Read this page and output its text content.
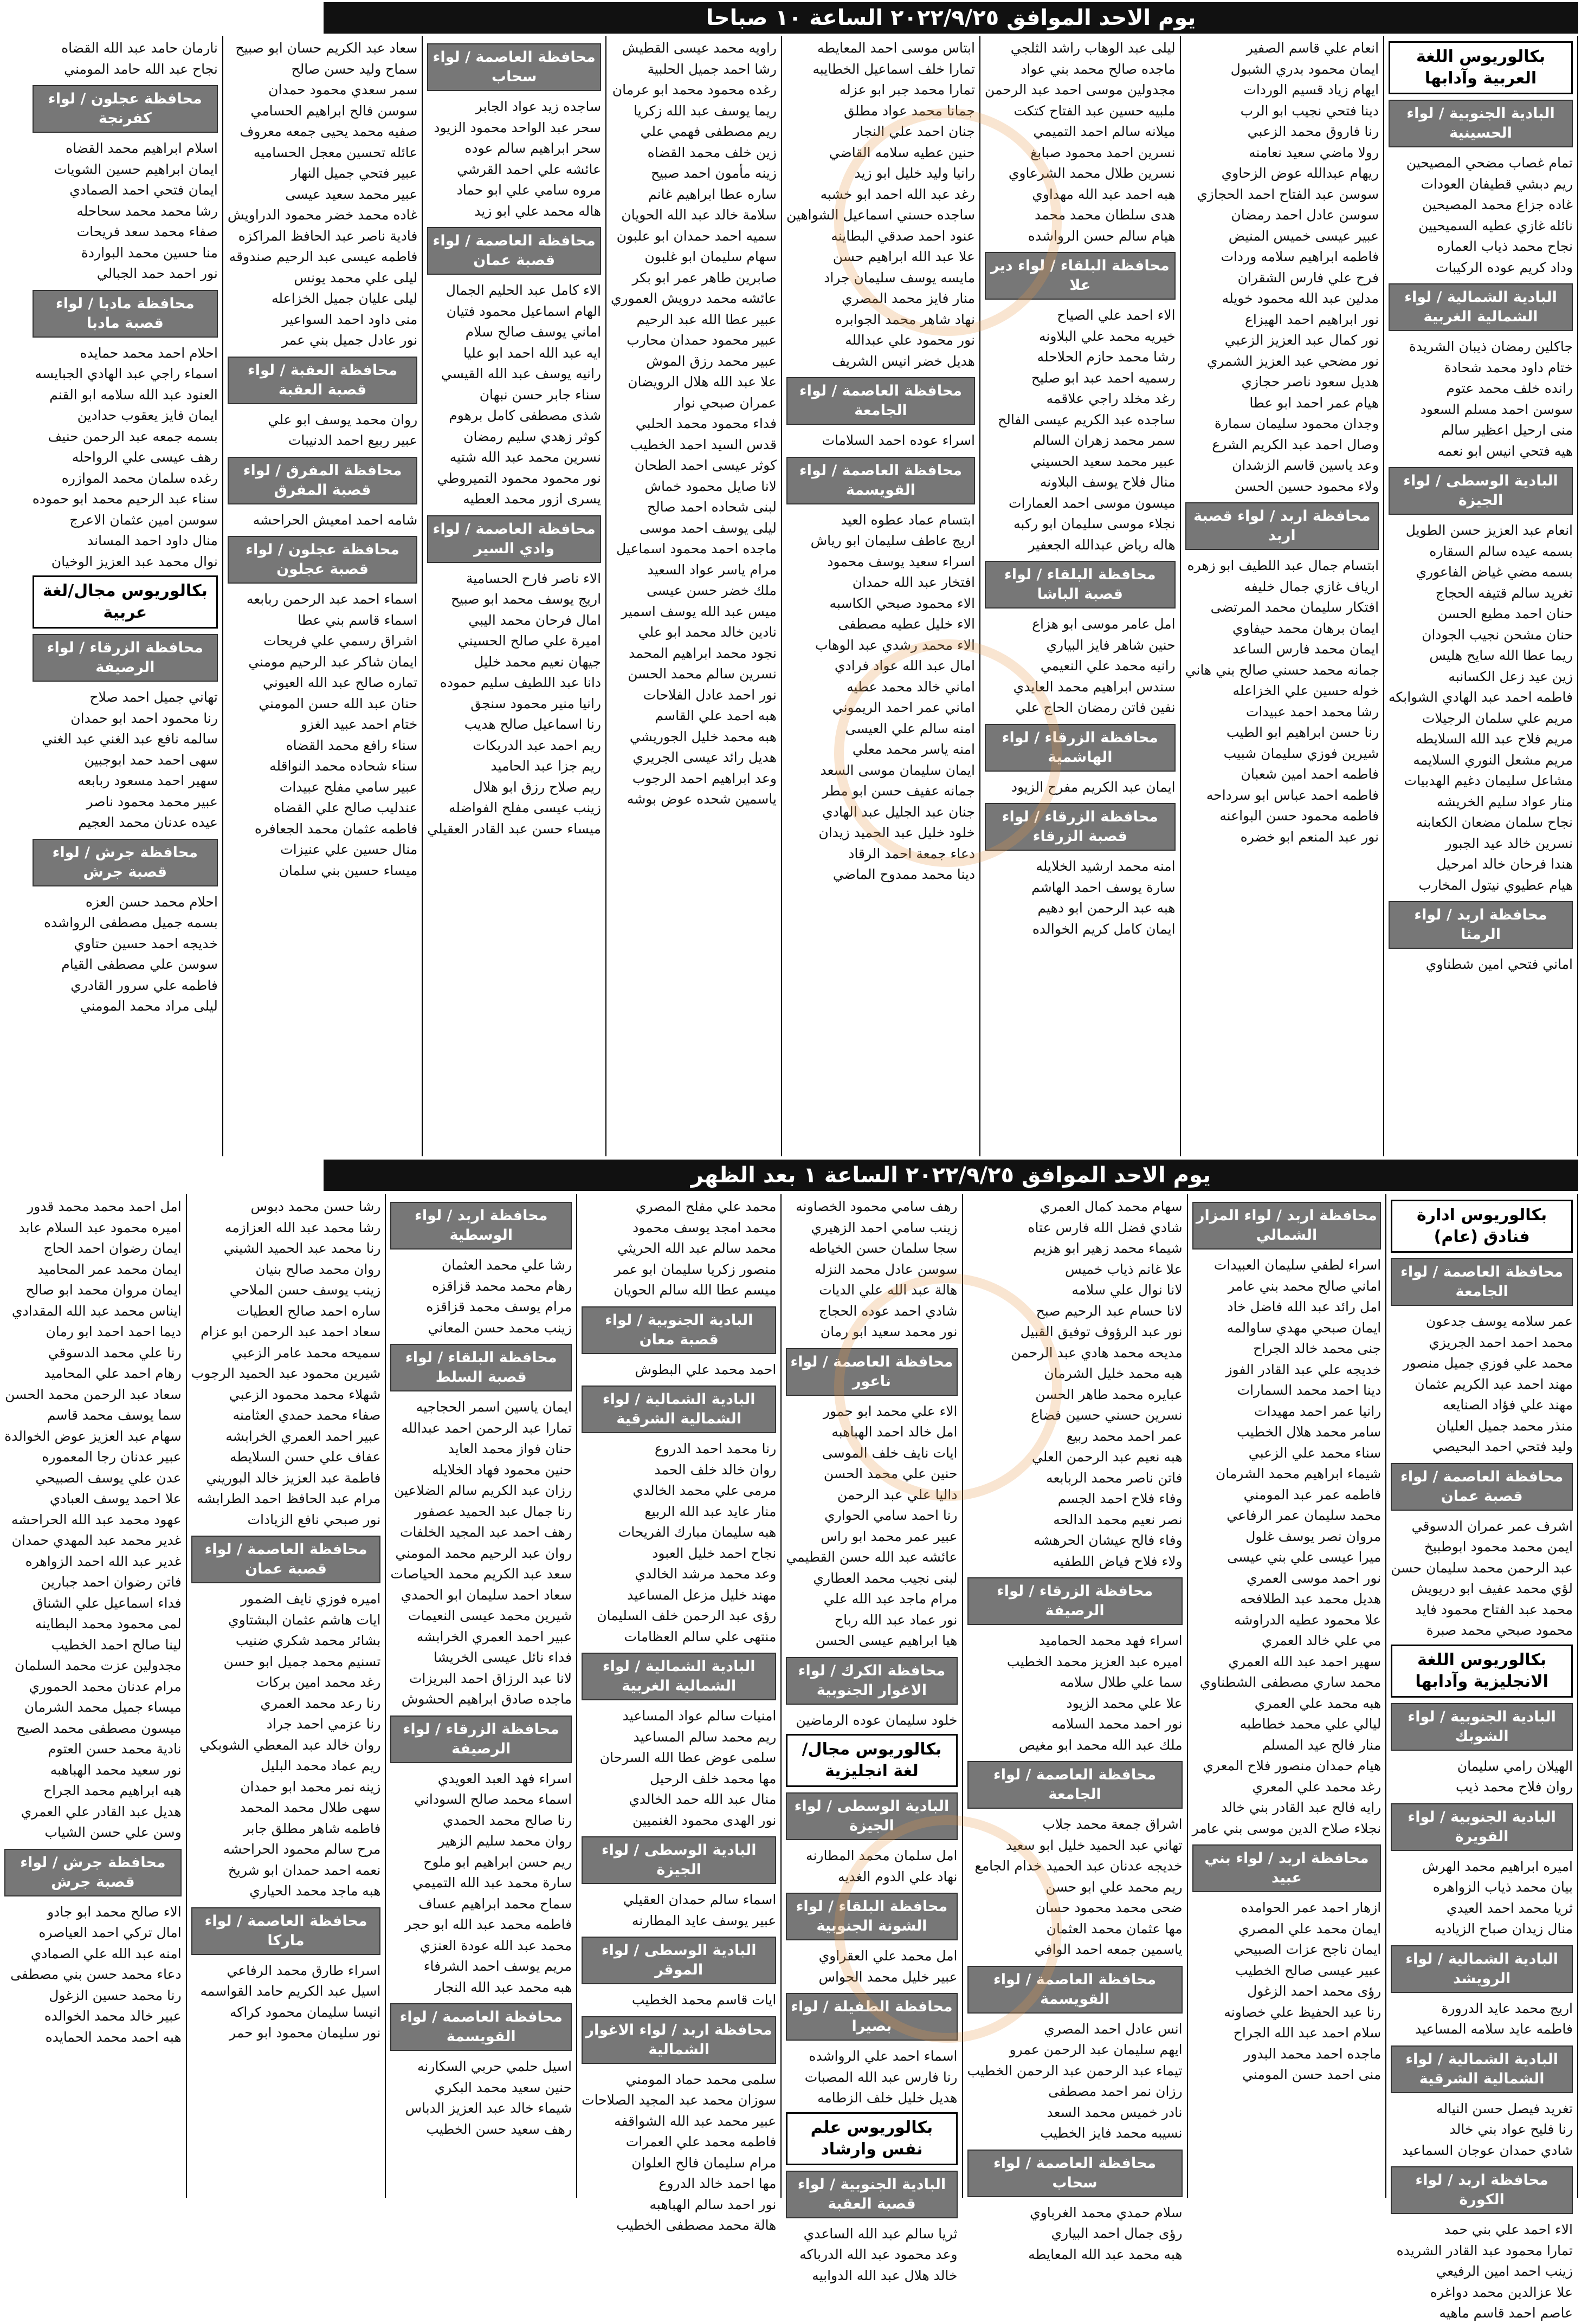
يوم الاحد الموافق ٢٠٢٢/٩/٢٥ الساعة ١٠ صباحا
بكالوريوس اللغة العربية وآدابها
البادية الجنوبية / لواء الحسينية
تمام غصاب مضحي المصيحين
ريم دبشي قطيفان العودات
غاده جزاع محمد المصيحين
نائله غازي عطيه السميحيين
نجاح محمد ذياب العماره
وداد كريم عوده الركيبات
البادية الشمالية / لواء الشمالية الغربية
جاكلين رمضان ذيبان الشريدة
ختام داود محمد شحادة
رانده خلف محمد عتوم
سوسن احمد مسلم السعود
منى ارحيل اعظير سالم
هيه فتحي انيس ابو نعمه
البادية الوسطى / لواء الجيزة
انعام عبد العزيز حسن الطويل
بسمه عيده سالم السقاره
بسمه مضي غياض الفاعوري
تغريد سالم قتيفه الحجاج
حنان احمد مطيع الحسن
حنان مشحن نجيب الجودان
ريما عطا الله سايح هليس
زين عيد زعل الكسانبه
فاطمه احمد عبد الهادي الشوابكه
مريم علي سلمان الرجيلات
مريم فلاح عبد الله السلايطه
مريم مشعل النوري السلايمه
مشاعل سليمان دغيم الهدبيات
منار عواد سليم الخريشه
نجاح سلمان مضعان الكعابنه
نسرين خالد عيد الجبور
هندا فرحان خالد امرحيل
هيام عطيوي نيتول المخارب
محافظة اربد / لواء الرمثا
اماني فتحي امين شطناوي
انعام علي قاسم الصفير
ايمان محمود بدري الشبول
ايهام زياد قسيم الوردات
دينا فتحي نجيب ابو الرب
رنا فاروق محمد الزعبي
رولا ماضي سعيد نعامنه
ريهام عبدالله عوض الزحاوي
سوسن عبد الفتاح احمد الحجازي
سوسن عادل احمد رمضان
عبير عيسى خميس المنيض
فاطمه ابراهيم سلامه وردات
فرح علي فارس الشقران
مدلين عبد الله محمود خويله
نور ابراهيم احمد الهيزاع
نور كمال عبد العزيز الزعبي
نور مضحي عبد العزيز الشمري
هديل سعود ناصر حجازي
هيام عمر احمد ابو عطا
وجدان محمود سليمان سمارة
وصال احمد عبد الكريم الشرع
وعد ياسين قاسم الزشدان
ولاء محمود حسين الحسن
محافظة اربد / لواء قصبة اربد
ابتسام جمال عبد اللطيف ابو زهره
ارياف غازي جمال خليفه
افتكار سليمان محمد المرتضى
ايمان برهان محمد حيفاوي
ايمان محمد فارس الساعد
جمانه محمد حسني صالح بني هاني
خوله حسين علي الخزاعله
رشا محمد احمد عبيدات
رنا حسن ابراهيم ابو الطيب
شيرين فوزي سليمان شبيب
فاطمه احمد امين شعبان
فاطمه احمد عباس ابو سرداحه
فاطمه محمود حسن البواعنه
نور عبد المنعم ابو خضره
ليلى عبد الوهاب راشد الثلجي
ماجده صالح محمد بني عواد
مجدولين موسى احمد عبد الرحمن
ملبيه حسين عبد الفتاح كتكت
ميلانه سالم احمد التميمي
نسرين احمد محمود صبابغ
نسرين طلال محمد الشرعاوي
هبه احمد عبد الله مهداوي
هدى سلطان محمد محمد
هيام سالم حسن الرواشده
محافظة البلقاء / لواء دير علا
الاء احمد علي الصياح
خيريه محمد علي البلاونه
رشا محمد حازم الحلاحله
رسميه احمد عبد ابو صليح
رغد مخلد راجي علاقمه
ساجده عبد الكريم عيسى الفالح
سمر محمد زهران السالم
عبير محمد سعيد الحسيني
منال فلاح يوسف البلاونه
ميسون موسى احمد العمارات
نجلاء موسى سليمان ابو ركبه
هاله رياض عبدالله الجعفير
محافظة البلقاء / لواء قصبة الباشا
امل عامر موسى ابو هزاع
حنين شاهر فايز البياري
رانيه محمد علي النعيمي
سندس ابراهيم محمد العايدي
نفين فاتن رمضان الحاج علي
محافظة الزرقاء / لواء الهاشمية
ايمان عبد الكريم مفرح الزيود
محافظة الزرقاء / لواء قصبة الزرقاء
امنه محمد ارشيد الخلايله
سارة يوسف احمد الهاشم
هبه عبد الرحمن ابو دهيم
ايمان كامل كريم الخوالده
ابتاس موسى احمد المعايطه
تمارا خلف اسماعيل الخطايبه
تمارا محمد جبر ابو عزله
جمانا محمد عواد مطلق
جنان احمد علي النجار
حنين عطيه سلامه القاضي
رانيا وليد خليل ابو زيد
رغد عبد الله احمد ابو خشبه
ساجده حسني اسماعيل الشواهين
عنود احمد صدقي البطاينه
علا عبد الله ابراهيم حسن
مايسه يوسف سليمان جراد
منار فايز محمد المصري
نهاد شاهر محمد الجوابره
نور محمود علي عبدالله
هديل خضر انيس الشريف
محافظة العاصمة / لواء الجامعة
اسراء عوده احمد السلامات
محافظة العاصمة / لواء القويسمة
ابتسام عماد عطوه العيد
اريج عاطف سليمان ابو رياش
اسراء سعيد يوسف محمود
افتخار عبد الله حمدان
الاء محمود صبحي الكاسبه
الاء خليل عطيه مصطفى
الاء محمد رشدي عبد الوهاب
امال عبد الله عواد فرادي
اماني خالد محمد عطيه
اماني عمر احمد الريموني
امنه سالم علي العيسى
امنه ياسر محمد معلي
ايمان سليمان موسى السعد
جمانه عفيف حسن ابو مطر
جنان عبد الجليل عبد الهادي
خلود خليل عبد الحميد زيدان
دعاء جمعة احمد الرقاد
دينا محمد ممدوح الماضي
راويه محمد عيسى القطيش
رشا احمد جميل الحلبية
رغده محمود محمد ابو عرمان
ريما يوسف عبد الله زكريا
ريم مصطفى فهمي علي
زين خلف محمد القضاه
زينه مأمون احمد صبيح
ساره عطا ابراهيم غانم
سلامة خالد عبد الله الحويان
سميه احمد حمدان ابو علبون
سهام سليمان ابو غلبون
صابرين طاهر عمر ابو بكر
عائشه محمد درويش العموري
عبير عطا الله عبد الرحيم
عبير محمود حمدان محارب
عبير محمد رزق الموش
علا عبد الله هلال الرويضان
عمران صبحي نوار
فداء محمود محمد الحلبي
قدس السيد احمد الخطيب
كوثر عيسى احمد الطحان
لانا صايل محمود خماش
لبنى شحاده احمد صالح
ليلى يوسف احمد موسى
ماجده احمد محمود اسماعيل
مرام ياسر عواد السعيد
ملك خضر حسن عيسى
ميس عبد الله يوسف اسمير
نادين خالد محمد ابو علي
نجود محمد ابراهيم المحمد
نسرين سالم محمد الحسن
نور احمد عادل الفلاحات
هبه احمد علي القاسم
هبه محمد خليل الجوريشي
هديل رائد عيسى الجريري
وعد ابراهيم احمد الرجوب
ياسمين شحده عوض بوشه
محافظة العاصمة / لواء سحاب
ساجده زيد عواد الجابر
سحر عبد الواحد محمود الزيود
سحر ابراهيم سالم عوده
عائشه علي احمد القرشي
مروه سامي علي ابو حماد
هاله محمد علي ابو زيد
محافظة العاصمة / لواء قصبة عمان
الاء كامل عبد الحليم الجمال
الهام اسماعيل محمود فتيان
اماني يوسف صالح سلام
ايه عبد الله احمد ابو عليا
رانيه يوسف عبد الله القيسي
سناء جابر حسن نبهان
شذى مصطفى كامل برهوم
كوثر زهدي سليم رمضان
نسرين محمد عبد الله شتيه
نور محمود محمود التميروطي
يسرى ازور محمد العطيه
محافظة العاصمة / لواء وادي السير
الاء ناصر فارح الحسامية
اريج يوسف محمد ابو صبيح
امال فرحان محمد اليبي
اميرة علي صالح الحسيني
جيهان نعيم محمد خليل
دانا عبد اللطيف سليم حموده
رانيا منير محمود سنجق
رنا اسماعيل صالح هديب
ريم احمد عبد الدربكات
ريم جزا عبد الحاميد
ريم صلاح رزق ابو هلال
زينب عيسى مفلح الفواضله
ميساء حسن عبد القادر العقيلي
سعاد عبد الكريم حسان ابو صبيح
سماح وليد حسن صالح
سمر سعدي محمود حمدان
سوسن فالح ابراهيم الحسامي
صفيه محمد يحيى جمعه معروف
عائله تحسين معجل الحساميه
عبير فتحي جميل النهار
عبير محمد سعيد عيسى
غاده محمد خضر محمود الدراويش
فادية ناصر عبد الحافظ المراكزه
فاطمه عيسى عبد الرحيم صندوقه
ليلى علي محمد يونس
ليلى عليان جميل الخزاعله
منى داود احمد السواعير
نور عادل جميل بني عمر
محافظة العقبة / لواء قصبة العقبة
روان محمد يوسف ابو علي
عبير ربيع احمد الدنيبات
محافظة المفرق / لواء قصبة المفرق
شامه احمد امعيش الحراحشه
محافظة عجلون / لواء قصبة عجلون
اسماء احمد عبد الرحمن ربابعه
اسماء قاسم بني عطا
اشراق رسمي علي فريحات
ايمان شاكر عبد الرحيم مومني
تماره صالح عبد الله العيوني
حنان عبد الله حسن المومني
ختام احمد عبيد الغزو
سناء رافع محمد القضاه
سناء شحاده محمد النواقله
عبير سامي مفلح عبيدات
عندليب صالح علي القضاه
فاطمه عثمان محمد الجعافره
منال حسين علي عنيزات
ميساء حسين بني سلمان
نارمان حامد عبد الله القضاه
نجاح عبد الله حامد المومني
محافظة عجلون / لواء كفرنجة
اسلام ابراهيم محمد القضاه
ايمان ابراهيم حسين الشويات
ايمان فتحي احمد الصمادي
رشا محمد محمد سحاحله
صفاء محمد سعد فريحات
منا حسين محمد البواردة
نور احمد حمد الجبالي
محافظة مادبا / لواء قصبة مادبا
احلام احمد محمد حمايده
اسماء راجي عبد الهادي الجبايسه
العنود عبد الله سلامه ابو القنم
ايمان فايز يعقوب حدادين
بسمه جمعه عبد الرحمن حنيف
رهف عيسى علي الرواحله
رغده سلمان محمد الموازره
سناء عبد الرحيم محمد ابو حموده
سوسن امين عثمان الاعرج
منال داود احمد المساند
نوال محمد عبد العزيز الوخيان
بكالوريوس مجال/لغة عربية
محافظة الزرقاء / لواء الرصيفة
تهاني جميل احمد صلاح
رنا محمود احمد ابو حمدان
سالمه نافع عبد الغني عبد الغني
سهى احمد حمد ابوجبين
سهير احمد مسعود ربابعه
عبير محمد محمود ناصر
عيده عدنان محمد العجيم
محافظة جرش / لواء قصبة جرش
احلام محمد حسن العزه
بسمه جميل مصطفى الرواشده
خديجه احمد حسين حتاوي
سوسن علي مصطفى القيام
فاطمه علي سرور القادري
ليلى مراد محمد المومني
يوم الاحد الموافق ٢٠٢٢/٩/٢٥ الساعة ١ بعد الظهر
بكالوريوس ادارة فنادق (عام)
محافظة العاصمة / لواء الجامعة
عمر سلامه يوسف جدعون
محمد احمد احمد الجريزي
محمد علي فوزي جميل منصور
مهند احمد عبد الكريم عثمان
مهند علي فؤاد الصنايعه
منذر محمد جميل العليان
وليد فتحي احمد البحيصي
محافظة العاصمة / لواء قصبة عمان
اشرف عمر عمران الدسوقي
ايمن محمد محمود ابوطبيخ
عبد الرحمن محمد سليمان حسن
لؤي محمد عفيف ابو دريويش
محمد عبد الفتاح محمود فايد
محمود صبحي محمد صبرة
بكالوريوس اللغة الانجليزية وآدابها
البادية الجنوبية / لواء الشوبك
الهيلان رامي سليمان
روان فلاح محمد ذيب
البادية الجنوبية / لواء القويرة
اميره ابراهيم محمد الهرش
بيان محمد ذياب الزواهره
ثريا محمد احمد العيدي
منال زيدان صباح الزياديه
البادية الشمالية / لواء الرويشد
اريج محمد عايد الدرورة
فاطمه عايد سلامه المساعيد
البادية الشمالية / لواء الشمالية الشرقية
تغريد فيصل حسن النياله
رنا فليح عواد بني خالد
شادي حمدان عوجان السماعيد
محافظة اربد / لواء الكورة
الاء احمد علي بني حمد
تمارا محمود عبد القادر الشريده
زينب احمد امين الرفيعي
علا عزالدين محمد دواغره
عاصم احمد قاسم ماهيه
محافظة اربد / لواء المزار الشمالي
اسراء لطفي سليمان العبيدات
اماني صالح محمد بني عامر
امل رائد عبد الله فاضل خاد
ايمان صبحي مهدي ساوالمه
جنى محمد خالد الجراح
خديجه علي عبد القادر الفوز
دينا احمد محمد السمارات
رانيا عمر احمد مهيدات
سامر محمد هلال الخطيب
سناء محمد علي الزعبي
شيماء ابراهيم محمد الشرمان
فاطمه عمر عبد المومني
محمد سليمان عمر الرفاعي
مروان نصر يوسف غلول
ميرا عيسى علي بني عيسى
نور احمد موسى العمري
هديل محمد عبد الطلافحه
علا محمود عطيه الدراوشه
مي علي خالد العمري
سهير احمد عبد الله العمري
محمد ساري مصطفى الشطناوي
هبه محمد علي العمري
ليالي علي محمد خطاطبه
منار فالح عيد المسلم
هيام حمدان منصور فلاح المعري
رغد محمد علي المعري
رايه فالح عبد القادر بني خالد
نجلاء صلاح الدين موسى بني عامر
محافظة اربد / لواء بني عبيد
ازهار احمد عمر الحوامده
ايمان محمد علي المصري
ايمان ناجح عزات الصبيحي
عبير عيسى صالح الخطيب
رؤى محمد احمد الزغول
رنا عبد الحفيظ علي خصاونه
سلام احمد عبد الله الجراح
ماجده احمد محمد البدور
منى احمد حسن المومني
سهام محمد كمال العمري
شادي فضل الله فارس عتاه
شيماء محمد زهير ابو هزيم
علا غانم ذياب خميس
لانا نوال علي سلامه
لانا حسام عبد الرحيم صبح
نور عبد الرؤوف توفيق القبيل
مديحه محمد هادي عبد الرحمن
هبه محمد خليل الشرمان
عبايره محمد طاهر الحسن
نسرين حسني حسين فضاع
عمر احمد محمد ربيع
هبه نعيم عبد الرحمن العلي
فاتن ناصر محمد الربابعه
وفاء فلاح احمد الجسم
نصر نعيم محمد الدالحه
وفاء فالح عيشان الحرهشه
ولاء فلاح فياض اللطفيه
محافظة الزرقاء / لواء الرصيفة
اسراء فهد محمد الحماميد
اميره عبد العزيز محمد الخطيب
سما علي طلال سلامه
علا علي محمد الزيود
نور احمد محمد السلامه
ملك عبد الله محمد ابو مغيص
محافظة العاصمة / لواء الجامعة
اشراق جمعة محمد جلاب
تهاني عبد الحميد خليل ابو سعيد
خديجه عدنان عبد الحميد خدام الجامع
ريم محمد علي ابو حسن
ضحى محمد محمود حسان
مها عثمان محمد العثمان
ياسمين جمعه احمد الوافي
محافظة العاصمة / لواء القويسمة
انس عادل احمد المصري
ايهم سليمان عبد الرحمن عمرو
تيماء عبد الرحمن عبد الرحمن الخطيب
رزان نمر احمد مصطفى
نادر خميس محمد السعد
نسيبه محمد فايز الخطيب
محافظة العاصمة / لواء سحاب
سلام حمدي محمد الغرباوي
رؤى جمال احمد البياري
هبه محمد عبد الله المعايطه
رهف سامي محمود الخصاونه
زينب سامي احمد الزهيري
سجا سلمان حسن الخياطه
سوسن عادل محمد النزله
هالة عبد الله علي الديات
شادي احمد عوده الحجاج
نور محمد سعيد ابو رمان
محافظة العاصمة / لواء ناعور
الاء علي محمد ابو حمور
امل خالد احمد الهباهبه
ايات نايف خلف الموسى
حنين علي محمد الحسن
داليا علي عبد الرحمن
رنا احمد سامي الحواري
عبير عمر محمد ابو راس
عائشه عبد الله حسن القطيمي
لبنى نجيب محمد العطاري
مرام ماجد عبد الله علي
نور عماد عبد الله رباح
هيا ابراهيم عيسى الحسن
محافظة الكرك / لواء الاغوار الجنوبية
خلود سليمان عوده الرماضين
بكالوريوس مجال/لغة انجليزية
البادية الوسطى / لواء الجيزة
امل سلمان محمد المطارنه
نهاد علي الدوم الغديه
محافظة البلقاء / لواء الشونة الجنوبية
امل محمد علي العقراوي
عبير خليل محمد الحواس
محافظة الطفيلة / لواء بصيرا
اسماء احمد علي الرواشده
رنا فارس عبد الله المصبات
هديل خليل خلف الزطامه
بكالوريوس علم نفس وارشاد
البادية الجنوبية / لواء قصبة العقبة
ثريا سالم عبد الله الساعدي
وعد محمود عبد الله الدرباكه
خالد هلال عبد الله الدوابيه
محمد علي مفلح المصري
محمد امجد يوسف محمود
محمد سالم عبد الله الحريثي
منصور زكريا سليمان ابو عمر
ميسم عطا الله سالم الحويان
البادية الجنوبية / لواء قصبة معان
احمد محمد علي البطوش
البادية الشمالية / لواء الشمالية الشرقية
رنا محمد احمد الدروع
روان خالد خلف الحمد
مرمى علي محمد الخالدي
منار عايد عبد الله الربيع
هبه سليمان مبارك الفريحات
نجاح احمد خليل العبود
وعد محمد مرشد الخالدي
مهند خليل مزعل المساعيد
رؤى عبد الرحمن خلف السليمان
منتهى علي سالم العظامات
البادية الشمالية / لواء الشمالية الغربية
امنيات سالم عواد المساعيد
ريم محمد سالم المساعيد
سلمى عوض عطا الله السرحان
مها محمد خلف الرحيل
منال عبد الله حمد الخالدي
نور الهدى محمود الغنميين
البادية الوسطى / لواء الجيزة
اسماء سالم حمدان العقيلي
عبير يوسف عايد المطارنه
البادية الوسطى / لواء الموقر
ايات قاسم محمد الخطيب
محافظة اربد / لواء الاغوار الشمالية
سلمى محمد حماد المومني
سوزان محمد عبد المجيد الصلاحات
عبير محمد عبد الله الشواقفه
فاطمه محمد علي العمرات
مرام سليمان فالح العلوان
مها احمد خالد الدروع
نور احمد سالم الهباهبه
هالة محمد مصطفى الخطيب
محافظة اربد / لواء الوسطية
رشا علي محمد العثمان
رهام محمد محمد قزاقزه
مرام يوسف محمد قزاقزه
زينب محمد حسن المعاني
محافظة البلقاء / لواء قصبة السلط
ايمان ياسين اسمر الحجاجيه
تمارا عبد الرحمن احمد عبدالله
حنان فواز محمد العايد
حنين محمود فهاد الخلايله
رزان عبد الكريم سالم الضلاعين
رنا جمال عبد الحميد عصفور
رهف احمد عبد المجيد الخلفات
روان عبد الرحيم محمد المومني
سعد عبد الكريم محمد الحياصات
سعاد احمد سليمان ابو الحمدي
شيرين محمد عيسى النعيمات
عبير احمد العمري الخرابشه
فداء نائل عيسى الخريشا
لانا عبد الرزاق احمد البريزات
ماجده صادق ابراهيم الحشوش
محافظة الزرقاء / لواء الرصيفة
اسراء فهد العبد العويدي
اسماء محمد صالح السوداني
رنا صالح محمد الحمدي
روان محمد سليم الزهير
ريم حسن ابراهيم ابو ملوح
سارة محمد عبد الله التميمي
سماح محمد ابراهيم عساف
فاطمه محمد عبد الله ابو حجر
محمد عبد الله عودة العنزي
مريم يوسف احمد الشرفاء
هبه محمد عبد الله النجار
محافظة العاصمة / لواء القويسمة
اسيل حلمي حربي السكارنه
حنين سعيد محمد البكري
شيماء خالد عبد العزيز الدباس
رهف سعيد حسن الخطيب
رشا حسن محمد دبوس
رشا محمد عبد الله العزازمه
رنا محمد عبد الحميد الشيني
روان محمد صالح بنيان
زينب يوسف حسن الملاحي
ساره احمد صالح العطيات
سعاد احمد عبد الرحمن ابو عزام
سميحه محمد عامر الزعبي
شيرين محمود عبد الحميد الرجوب
شهلاء محمد محمود الزعبي
صفاء محمد حمدي العثامنه
عبير احمد العمري الخرابشه
عفاف علي حسن السلايطه
فاطمة عبد العزيز خالد البوريني
مرام عبد الحافظ احمد الطرابشه
نور صبحي نافع الزيادات
محافظة العاصمة / لواء قصبة عمان
اميره فوزي نايف الضمور
ايات هاشم عثمان البشتاوي
بشائر محمد شكري ضنيب
تسنيم محمد جميل ابو حسن
رغد محمد امين بركات
رنا رعد محمد العمري
رنا عزمي احمد جراد
روان خالد عبد المعطي الشوبكي
ريم عماد محمد البليل
زينه نمر محمد ابو حمدان
سهى طلال محمد المحمد
فاطمه شاهر مطلق جابر
مرح سالم محمود الحراحشه
نعمه احمد حمدان ابو شريخ
هبه ماجد محمد الحياري
محافظة العاصمة / لواء ماركا
اسراء طارق محمد الرفاعي
اسيل عبد الكريم حامد القواسمه
انيسا سليمان محمود كراكه
نور سليمان محمود ابو حمر
امل احمد محمد محمد قدور
اميره محمود عبد السلام عابد
ايمان رضوان احمد الحاج
ايمان محمد عمر المحاميد
ايمان مروان محمد ابو صالح
ايناس محمد عبد الله المقدادي
ديما احمد احمد ابو رمان
رنا علي محمد الدسوقي
رهام احمد علي المحاميد
سعاد عبد الرحمن محمد الحسن
سما يوسف محمد قاسم
سهام عبد العزيز عوض الخوالدة
عبير عدنان رجا المعموره
عدن علي يوسف الصبيحي
علا احمد يوسف العبادي
عهود محمد عبد الله الحراحشه
غدير محمد عبد المهدي حمدان
غدير عبد الله احمد الزواهره
فاتن رضوان احمد جبارين
فداء اسماعيل علي الشناق
لمى محمود محمد البطاينه
لينا صالح احمد الخطيب
مجدولين عزت محمد السلمان
مرام عدنان محمد الحموري
ميساء جميل محمد الشرمان
ميسون مصطفى محمد الصيح
نادية محمد حسن العتوم
نور سعيد محمد الهباهبه
هبه ابراهيم محمد الجراح
هديل عبد القادر علي العمري
وسن علي حسن الشياب
محافظة جرش / لواء قصبة جرش
الاء صالح محمد ابو جادو
امال تركي احمد العياصره
امنه عبد الله علي الصمادي
دعاء محمد حسن بني مصطفى
رنا محمد حسين الزغول
عبير خالد محمد الخوالده
هبه احمد محمد الحمايده
